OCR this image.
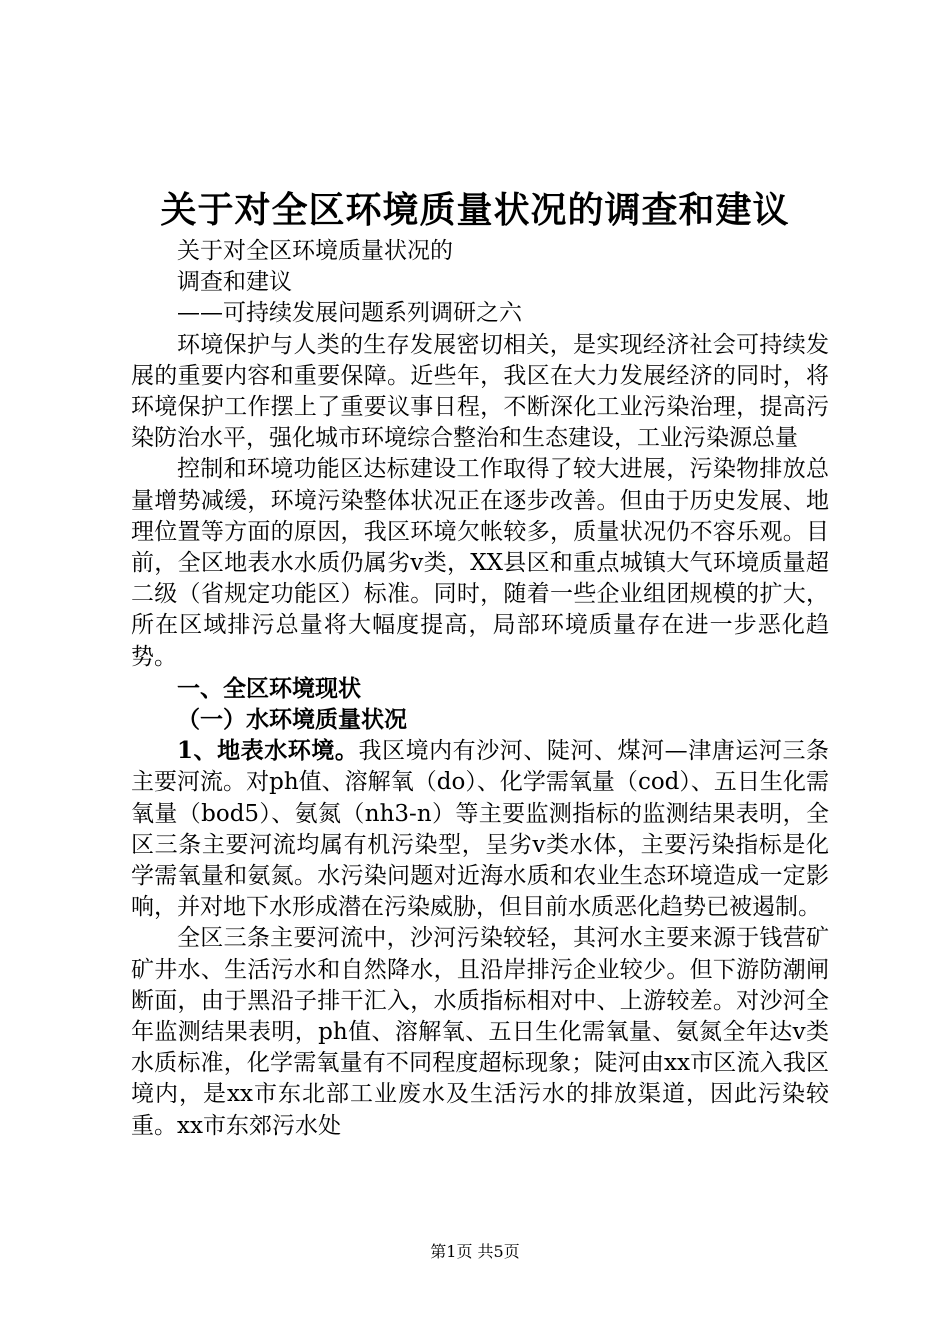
关于对全区环境质量状况的调查和建议

关于对全区环境质量状况的

调查和建议

——可持续发展问题系列调研之六

环境保护与人类的生存发展密切相关，是实现经济社会可持续发展的重要内容和重要保障。近些年，我区在大力发展经济的同时，将环境保护工作摆上了重要议事日程，不断深化工业污染治理，提高污染防治水平，强化城市环境综合整治和生态建设，工业污染源总量

控制和环境功能区达标建设工作取得了较大进展，污染物排放总量增势减缓，环境污染整体状况正在逐步改善。但由于历史发展、地理位置等方面的原因，我区环境欠帐较多，质量状况仍不容乐观。目前，全区地表水水质仍属劣v类，XX县区和重点城镇大气环境质量超二级（省规定功能区）标准。同时，随着一些企业组团规模的扩大，所在区域排污总量将大幅度提高，局部环境质量存在进一步恶化趋势。

一、全区环境现状

（一）水环境质量状况

1、地表水环境。我区境内有沙河、陡河、煤河—津唐运河三条主要河流。对ph值、溶解氧（do）、化学需氧量（cod）、五日生化需氧量（bod5）、氨氮（nh3-n）等主要监测指标的监测结果表明，全区三条主要河流均属有机污染型，呈劣v类水体，主要污染指标是化学需氧量和氨氮。水污染问题对近海水质和农业生态环境造成一定影响，并对地下水形成潜在污染威胁，但目前水质恶化趋势已被遏制。

全区三条主要河流中，沙河污染较轻，其河水主要来源于钱营矿矿井水、生活污水和自然降水，且沿岸排污企业较少。但下游防潮闸断面，由于黑沿子排干汇入，水质指标相对中、上游较差。对沙河全年监测结果表明，ph值、溶解氧、五日生化需氧量、氨氮全年达v类水质标准，化学需氧量有不同程度超标现象；陡河由xx市区流入我区境内，是xx市东北部工业废水及生活污水的排放渠道，因此污染较重。xx市东郊污水处

第1页 共5页
